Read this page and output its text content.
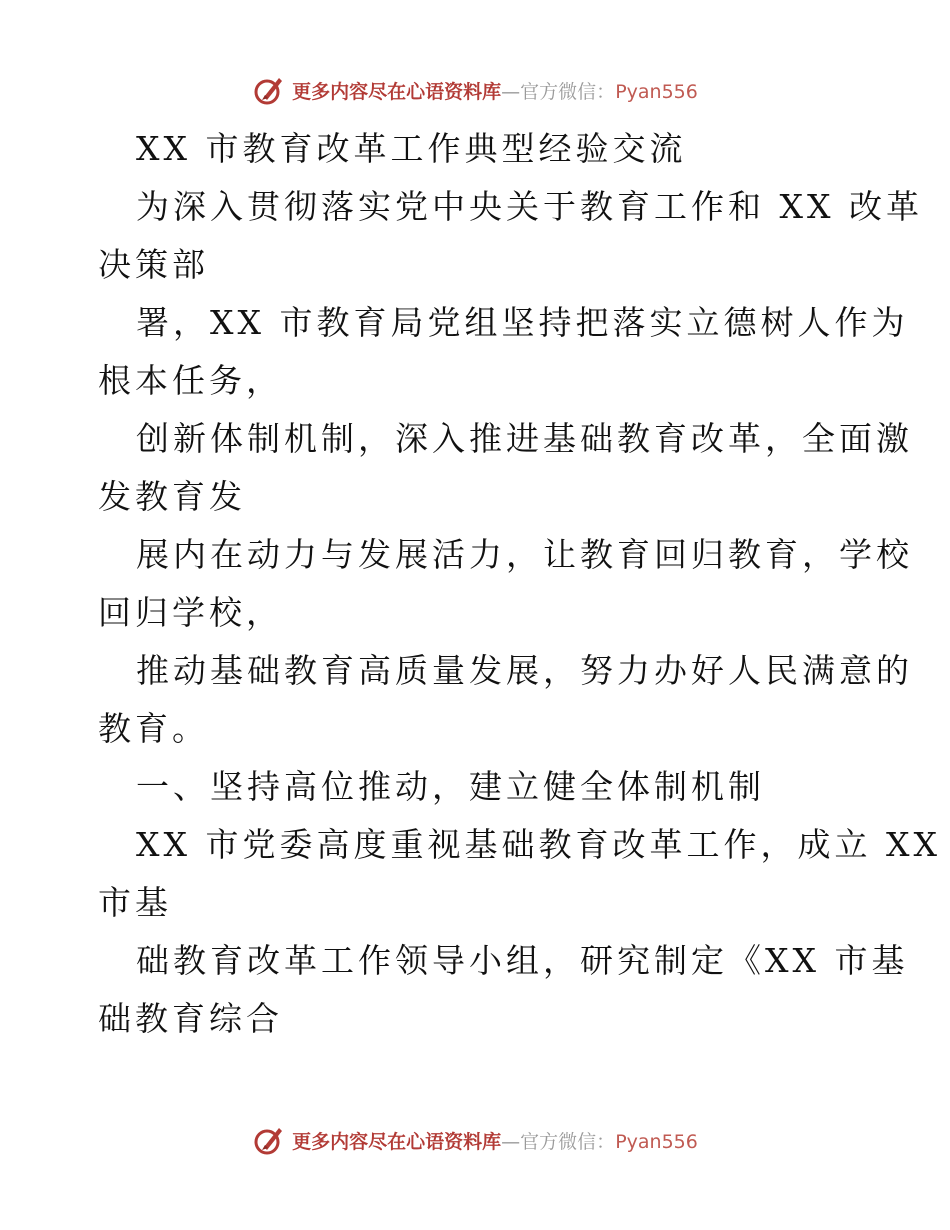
更多内容尽在心语资料库—官方微信：Pyan556
XX 市教育改革工作典型经验交流
为深入贯彻落实党中央关于教育工作和 XX 改革
决策部
署，XX 市教育局党组坚持把落实立德树人作为
根本任务，
创新体制机制，深入推进基础教育改革，全面激
发教育发
展内在动力与发展活力，让教育回归教育，学校
回归学校，
推动基础教育高质量发展，努力办好人民满意的
教育。
一、坚持高位推动，建立健全体制机制
XX 市党委高度重视基础教育改革工作，成立 XX
市基
础教育改革工作领导小组，研究制定《XX 市基
础教育综合
更多内容尽在心语资料库—官方微信：Pyan556
